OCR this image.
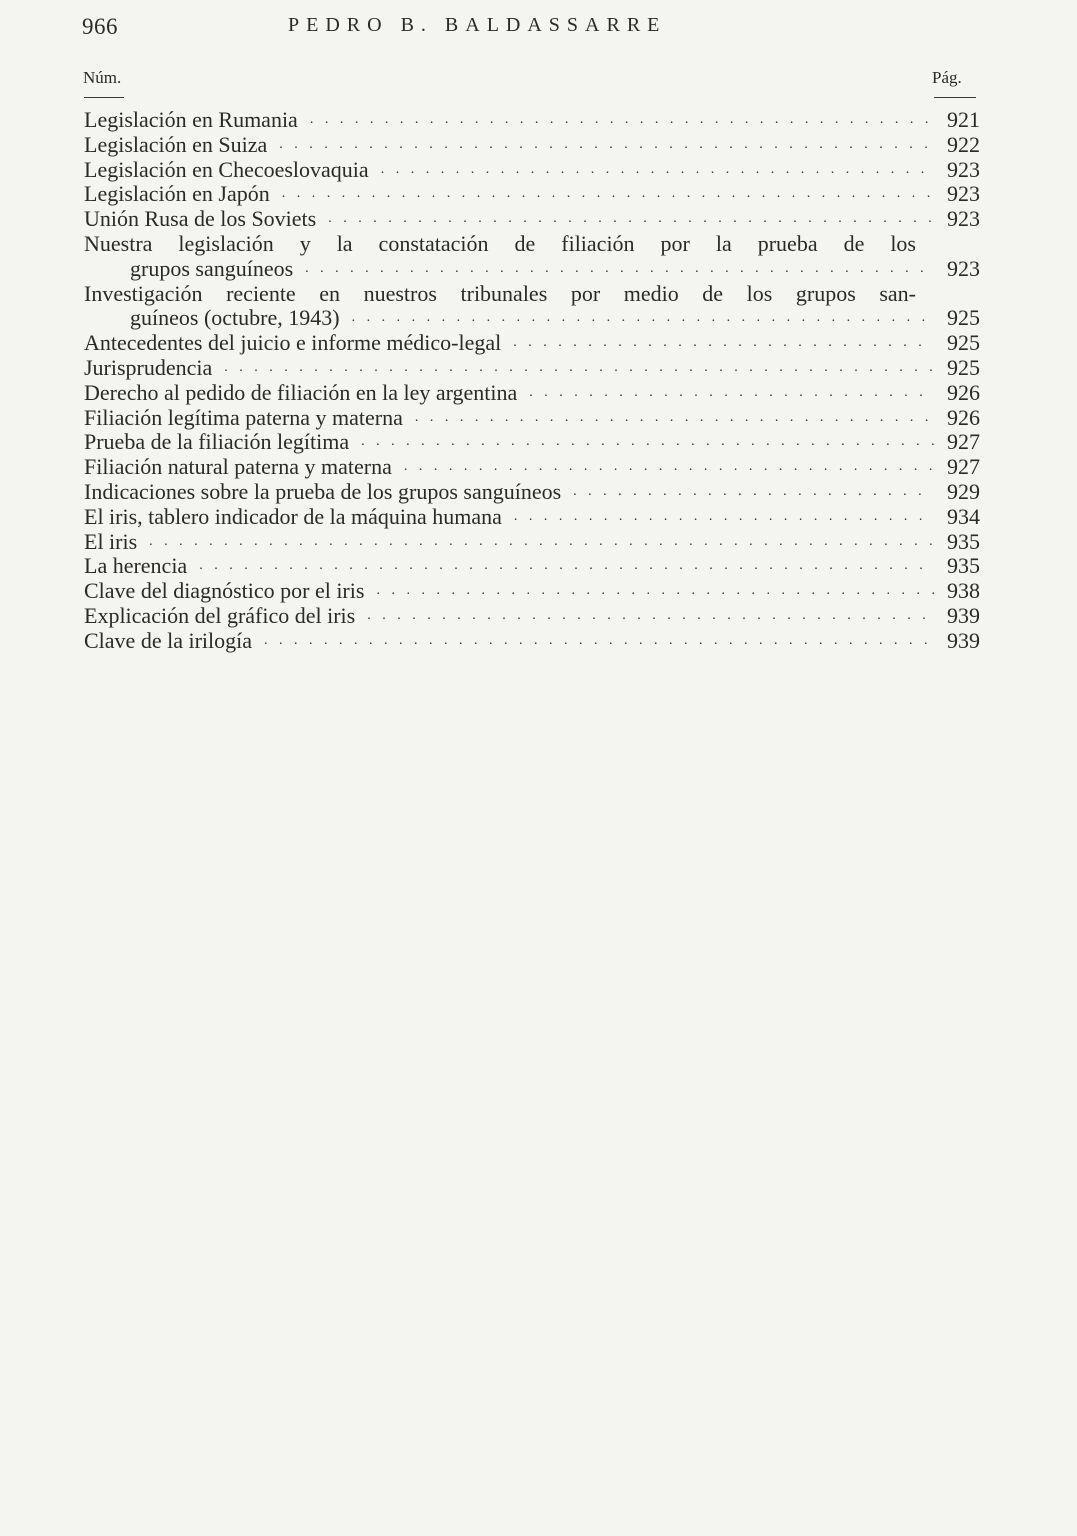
966	PEDRO B. BALDASSARRE
Núm.	Pág.
Legislación en Rumania . . .	921
Legislación en Suiza . . .	922
Legislación en Checoeslovaquia . . .	923
Legislación en Japón . . .	923
Unión Rusa de los Soviets . . .	923
Nuestra legislación y la constatación de filiación por la prueba de los
grupos sanguíneos . . .	923
Investigación reciente en nuestros tribunales por medio de los grupos san-
guíneos (octubre, 1943) . . .	925
Antecedentes del juicio e informe médico-legal . . .	925
Jurisprudencia . . .	925
Derecho al pedido de filiación en la ley argentina . . .	926
Filiación legítima paterna y materna . . .	926
Prueba de la filiación legítima . . .	927
Filiación natural paterna y materna . . .	927
Indicaciones sobre la prueba de los grupos sanguíneos . . .	929
El iris, tablero indicador de la máquina humana . . .	934
El iris . . .	935
La herencia . . .	935
Clave del diagnóstico por el iris . . .	938
Explicación del gráfico del iris . . .	939
Clave de la irilogía . . .	939
